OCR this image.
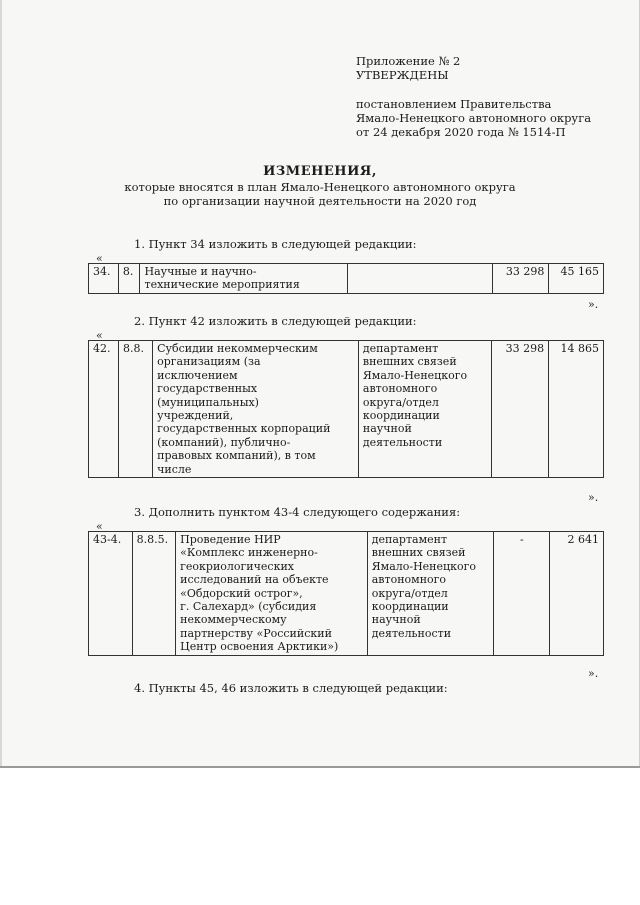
Приложение № 2
УТВЕРЖДЕНЫ
постановлением Правительства
Ямало-Ненецкого автономного округа
от 24 декабря 2020 года № 1514-П
ИЗМЕНЕНИЯ,
которые вносятся в план Ямало-Ненецкого автономного округа
по организации научной деятельности на 2020 год
1. Пункт 34 изложить в следующей редакции:
«
34.	8.	Научные и научно-
технические мероприятия		33 298	45 165
».
2. Пункт 42 изложить в следующей редакции:
«
42.	8.8.	Субсидии некоммерческим
организациям (за
исключением
государственных
(муниципальных)
учреждений,
государственных корпораций
(компаний), публично-
правовых компаний), в том
числе	департамент
внешних связей
Ямало-Ненецкого
автономного
округа/отдел
координации
научной
деятельности	33 298	14 865
».
3. Дополнить пунктом 43-4 следующего содержания:
«
43-4.	8.8.5.	Проведение НИР
«Комплекс инженерно-
геокриологических
исследований на объекте
«Обдорский острог»,
г. Салехард» (субсидия
некоммерческому
партнерству «Российский
Центр освоения Арктики»)	департамент
внешних связей
Ямало-Ненецкого
автономного
округа/отдел
координации
научной
деятельности	-	2 641
».
4. Пункты 45, 46 изложить в следующей редакции:
